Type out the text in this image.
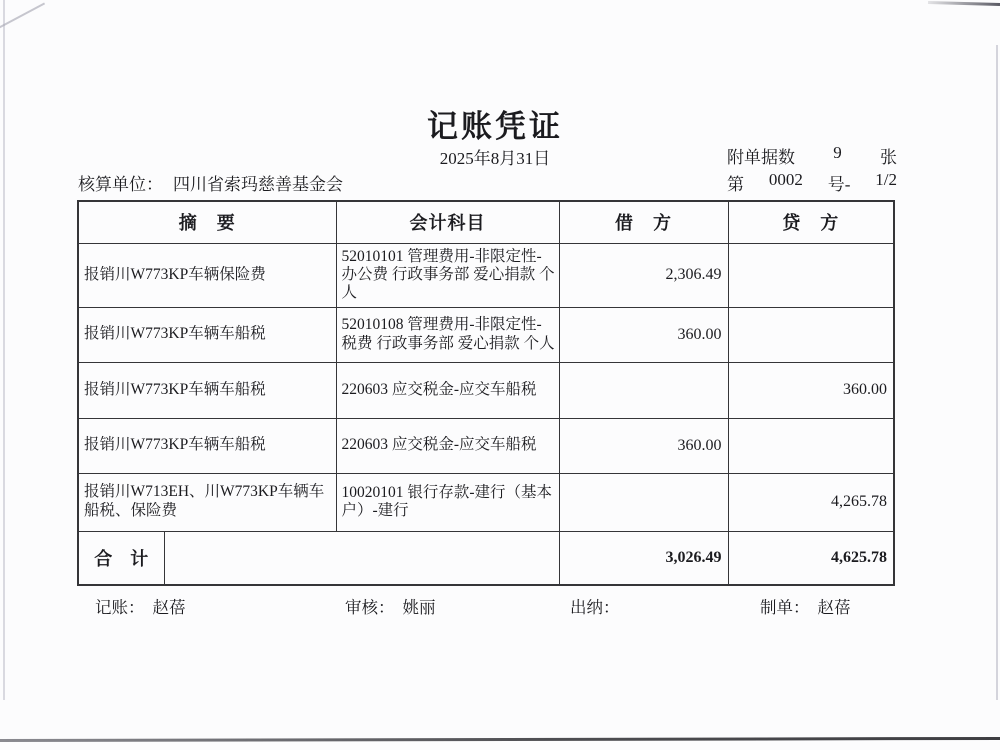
记账凭证
2025年8月31日	附单据数 9 张
核算单位： 四川省索玛慈善基金会	第 0002 号- 1/2
摘　要		会计科目	借　方	贷　方
报销川W773KP车辆保险费		52010101 管理费用-非限定性-办公费 行政事务部 爱心捐款 个人	2,306.49	
报销川W773KP车辆车船税		52010108 管理费用-非限定性-税费 行政事务部 爱心捐款 个人	360.00	
报销川W773KP车辆车船税		220603 应交税金-应交车船税		360.00
报销川W773KP车辆车船税		220603 应交税金-应交车船税	360.00	
报销川W713EH、川W773KP车辆车船税、保险费		10020101 银行存款-建行（基本户）-建行		4,265.78
合　计			3,026.49	4,625.78
记账： 赵蓓	审核： 姚丽	出纳：	制单： 赵蓓
